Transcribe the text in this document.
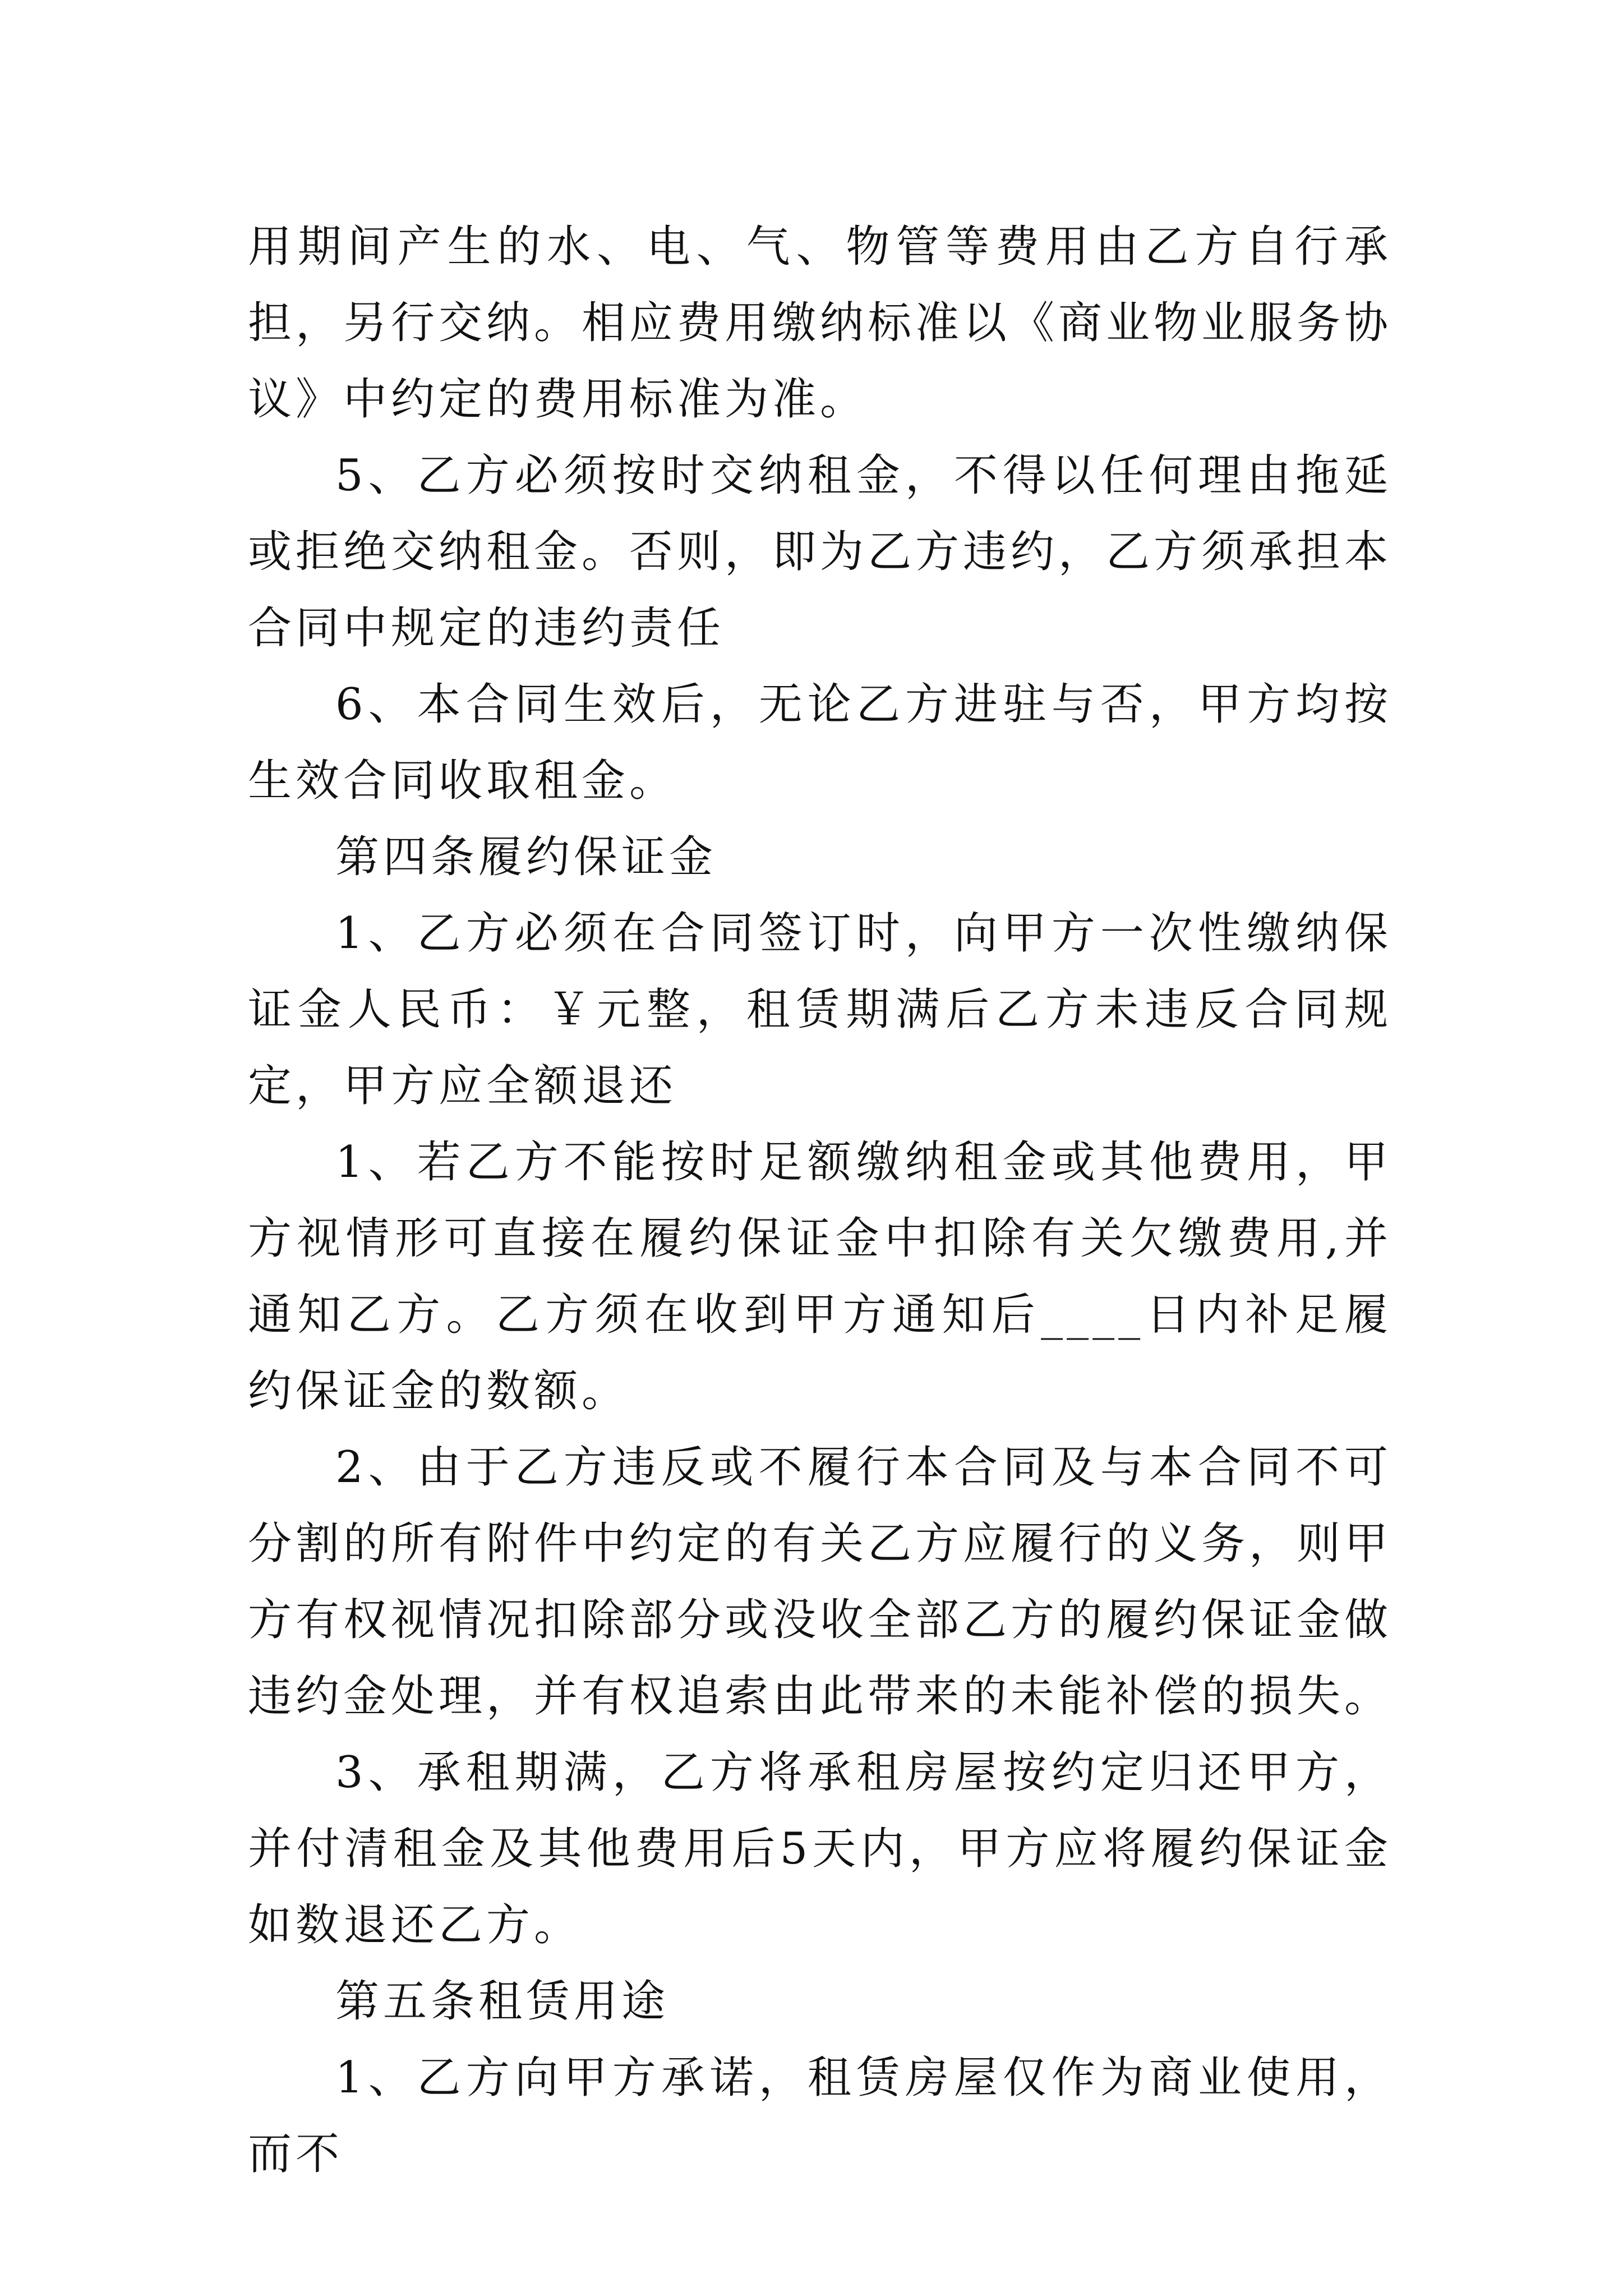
用期间产生的水、电、气、物管等费用由乙方自行承担，另行交纳。相应费用缴纳标准以《商业物业服务协议》中约定的费用标准为准。

5、乙方必须按时交纳租金，不得以任何理由拖延或拒绝交纳租金。否则，即为乙方违约，乙方须承担本合同中规定的违约责任

6、本合同生效后，无论乙方进驻与否，甲方均按生效合同收取租金。

第四条履约保证金

1、乙方必须在合同签订时，向甲方一次性缴纳保证金人民币：￥元整，租赁期满后乙方未违反合同规定，甲方应全额退还

1、若乙方不能按时足额缴纳租金或其他费用，甲方视情形可直接在履约保证金中扣除有关欠缴费用,并通知乙方。乙方须在收到甲方通知后____日内补足履约保证金的数额。

2、由于乙方违反或不履行本合同及与本合同不可分割的所有附件中约定的有关乙方应履行的义务，则甲方有权视情况扣除部分或没收全部乙方的履约保证金做违约金处理，并有权追索由此带来的未能补偿的损失。

3、承租期满，乙方将承租房屋按约定归还甲方，并付清租金及其他费用后5天内，甲方应将履约保证金如数退还乙方。

第五条租赁用途

1、乙方向甲方承诺，租赁房屋仅作为商业使用，而不
